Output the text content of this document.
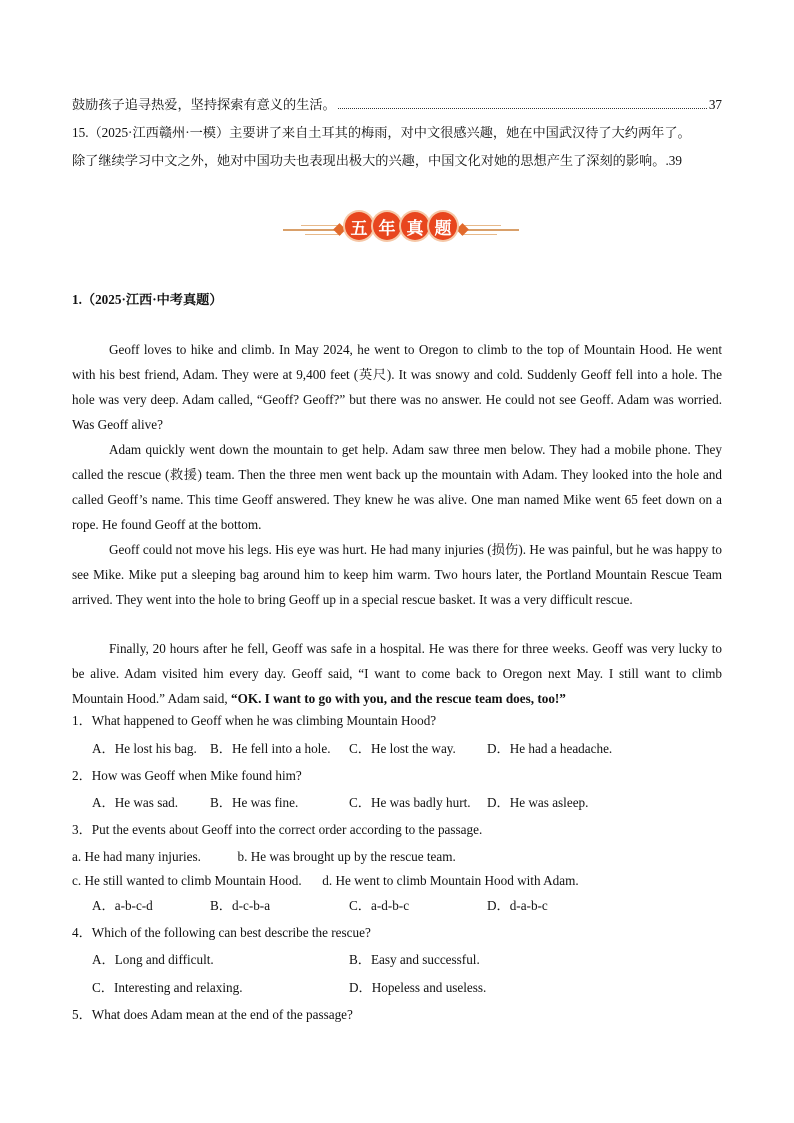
鼓励孩子追寻热爱，坚持探索有意义的生活。	37
15.（2025·江西赣州·一模）主要讲了来自土耳其的梅雨，对中文很感兴趣，她在中国武汉待了大约两年了。
除了继续学习中文之外，她对中国功夫也表现出极大的兴趣，中国文化对她的思想产生了深刻的影响。 .39
五 年 真 题
1.（2025·江西·中考真题）

Geoff loves to hike and climb. In May 2024, he went to Oregon to climb to the top of Mountain Hood. He went with his best friend, Adam. They were at 9,400 feet (英尺). It was snowy and cold. Suddenly Geoff fell into a hole. The hole was very deep. Adam called, “Geoff? Geoff?” but there was no answer. He could not see Geoff. Adam was worried. Was Geoff alive?

Adam quickly went down the mountain to get help. Adam saw three men below. They had a mobile phone. They called the rescue (救援) team. Then the three men went back up the mountain with Adam. They looked into the hole and called Geoff’s name. This time Geoff answered. They knew he was alive. One man named Mike went 65 feet down on a rope. He found Geoff at the bottom.

Geoff could not move his legs. His eye was hurt. He had many injuries (损伤). He was painful, but he was happy to see Mike. Mike put a sleeping bag around him to keep him warm. Two hours later, the Portland Mountain Rescue Team arrived. They went into the hole to bring Geoff up in a special rescue basket. It was a very difficult rescue.

Finally, 20 hours after he fell, Geoff was safe in a hospital. He was there for three weeks. Geoff was very lucky to be alive. Adam visited him every day. Geoff said, “I want to come back to Oregon next May. I still want to climb Mountain Hood.” Adam said, “OK. I want to go with you, and the rescue team does, too!”

1．What happened to Geoff when he was climbing Mountain Hood?
A．He lost his bag. B．He fell into a hole. C．He lost the way. D．He had a headache.
2．How was Geoff when Mike found him?
A．He was sad. B．He was fine.	C．He was badly hurt. D．He was asleep.
3．Put the events about Geoff into the correct order according to the passage.
a. He had many injuries.	b. He was brought up by the rescue team.
c. He still wanted to climb Mountain Hood. d. He went to climb Mountain Hood with Adam.
A．a-b-c-d	B．d-c-b-a	C．a-d-b-c	D．d-a-b-c
4．Which of the following can best describe the rescue?
A．Long and difficult.	B．Easy and successful.
C．Interesting and relaxing.	D．Hopeless and useless.
5．What does Adam mean at the end of the passage?
